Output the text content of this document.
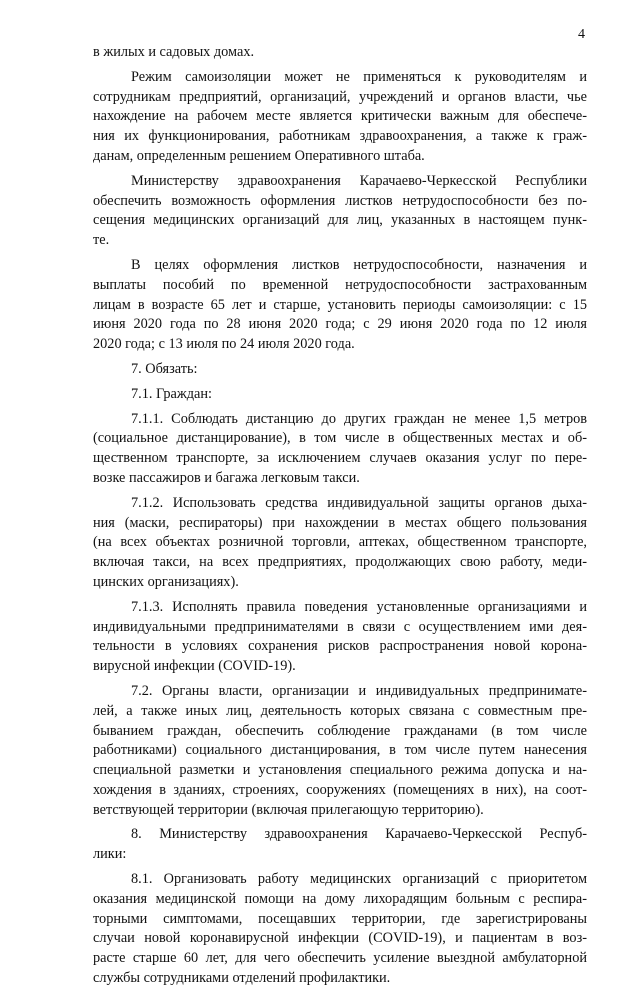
4

в жилых и садовых домах.

Режим самоизоляции может не применяться к руководителям и
сотрудникам предприятий, организаций, учреждений и органов власти, чье
нахождение на рабочем месте является критически важным для обеспече-
ния их функционирования, работникам здравоохранения, а также к граж-
данам, определенным решением Оперативного штаба.

Министерству здравоохранения Карачаево-Черкесской Республики
обеспечить возможность оформления листков нетрудоспособности без по-
сещения медицинских организаций для лиц, указанных в настоящем пунк-
те.

В целях оформления листков нетрудоспособности, назначения и
выплаты пособий по временной нетрудоспособности застрахованным
лицам в возрасте 65 лет и старше, установить периоды самоизоляции: с 15
июня 2020 года по 28 июня 2020 года; с 29 июня 2020 года по 12 июля
2020 года; с 13 июля по 24 июля 2020 года.

7. Обязать:

7.1. Граждан:

7.1.1. Соблюдать дистанцию до других граждан не менее 1,5 метров
(социальное дистанцирование), в том числе в общественных местах и об-
щественном транспорте, за исключением случаев оказания услуг по пере-
возке пассажиров и багажа легковым такси.

7.1.2. Использовать средства индивидуальной защиты органов дыха-
ния (маски, респираторы) при нахождении в местах общего пользования
(на всех объектах розничной торговли, аптеках, общественном транспорте,
включая такси, на всех предприятиях, продолжающих свою работу, меди-
цинских организациях).

7.1.3. Исполнять правила поведения установленные организациями и
индивидуальными предпринимателями в связи с осуществлением ими дея-
тельности в условиях сохранения рисков распространения новой корона-
вирусной инфекции (COVID-19).

7.2. Органы власти, организации и индивидуальных предпринимате-
лей, а также иных лиц, деятельность которых связана с совместным пре-
быванием граждан, обеспечить соблюдение гражданами (в том числе
работниками) социального дистанцирования, в том числе путем нанесения
специальной разметки и установления специального режима допуска и на-
хождения в зданиях, строениях, сооружениях (помещениях в них), на соот-
ветствующей территории (включая прилегающую территорию).

8. Министерству здравоохранения Карачаево-Черкесской Респуб-
лики:

8.1. Организовать работу медицинских организаций с приоритетом
оказания медицинской помощи на дому лихорадящим больным с респира-
торными симптомами, посещавших территории, где зарегистрированы
случаи новой коронавирусной инфекции (COVID-19), и пациентам в воз-
расте старше 60 лет, для чего обеспечить усиление выездной амбулаторной
службы сотрудниками отделений профилактики.
